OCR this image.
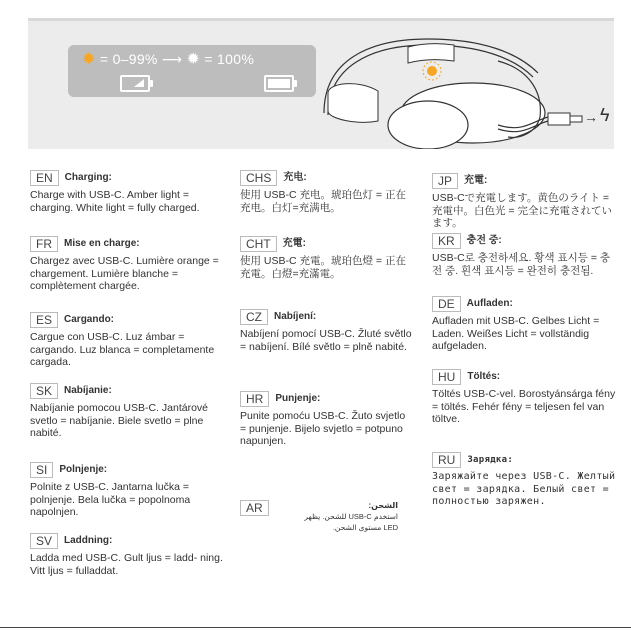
✹ = 0–99% ⟶ ✹ = 100%
→ ϟ
EN Charging:
Charge with USB-C. Amber light = charging. White light = fully charged.
FR Mise en charge:
Chargez avec USB-C. Lumière orange = chargement. Lumière blanche = complètement chargée.
ES Cargando:
Cargue con USB-C. Luz ámbar = cargando. Luz blanca = completamente cargada.
SK Nabíjanie:
Nabíjanie pomocou USB-C. Jantárové svetlo = nabíjanie. Biele svetlo = plne nabité.
SI Polnjenje:
Polnite z USB-C. Jantarna lučka = polnjenje. Bela lučka = popolnoma napolnjen.
SV Laddning:
Ladda med USB-C. Gult ljus = ladd- ning. Vitt ljus = fulladdat.
CHS 充电:
使用 USB-C 充电。琥珀色灯 = 正在充电。白灯=充满电。
CHT 充電:
使用 USB-C 充電。琥珀色燈 = 正在充電。白燈=充滿電。
CZ Nabíjení:
Nabíjení pomocí USB-C. Žluté světlo = nabíjení. Bílé světlo = plně nabité.
HR Punjenje:
Punite pomoću USB-C. Žuto svjetlo = punjenje. Bijelo svjetlo = potpuno napunjen.
AR	الشحن:
استخدم USB-C للشحن. يظهر LED مستوى الشحن.
JP 充電:
USB-Cで充電します。黄色のライト = 充電中。白色光 = 完全に充電されています。
KR 충전 중:
USB-C로 충전하세요. 황색 표시등 = 충전 중. 흰색 표시등 = 완전히 충전됨.
DE Aufladen:
Aufladen mit USB-C. Gelbes Licht = Laden. Weißes Licht = vollständig aufgeladen.
HU Töltés:
Töltés USB-C-vel. Borostyánsárga fény = töltés. Fehér fény = teljesen fel van töltve.
RU Зарядка:
Заряжайте через USB-C. Желтый свет = зарядка. Белый свет = полностью заряжен.
